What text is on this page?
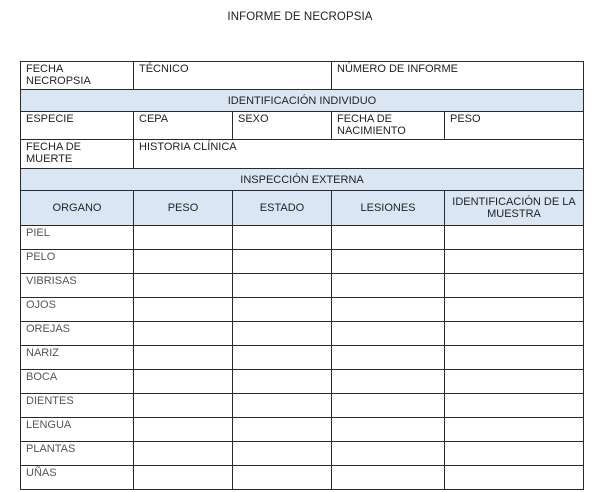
INFORME DE NECROPSIA
FECHA NECROPSIA	TÉCNICO		NÚMERO DE INFORME	
IDENTIFICACIÓN INDIVIDUO				
ESPECIE	CEPA	SEXO	FECHA DE NACIMIENTO	PESO
FECHA DE MUERTE	HISTORIA CLÍNICA			
INSPECCIÓN EXTERNA				
ORGANO	PESO	ESTADO	LESIONES	IDENTIFICACIÓN DE LA MUESTRA
PIEL				
PELO				
VIBRISAS				
OJOS				
OREJAS				
NARIZ				
BOCA				
DIENTES				
LENGUA				
PLANTAS				
UÑAS				
